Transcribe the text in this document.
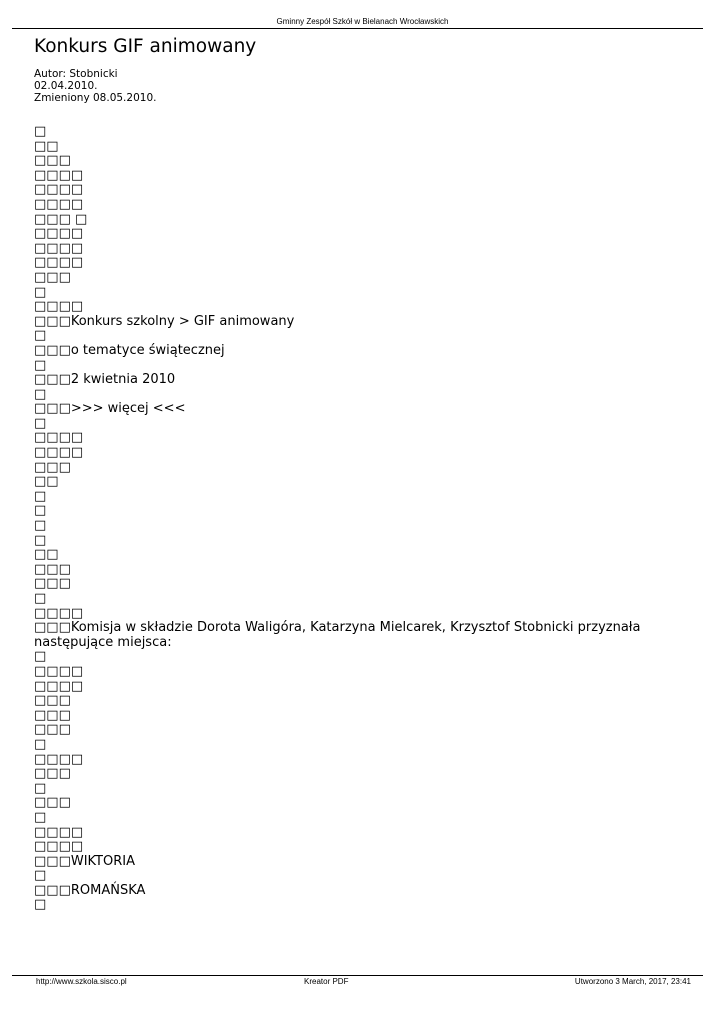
Gminny Zespół Szkół w Bielanach Wrocławskich
Konkurs GIF animowany

Autor: Stobnicki

02.04.2010.

Zmieniony 08.05.2010.

□

□□

□□□

□□□□

□□□□

□□□□

□□□ □

□□□□

□□□□

□□□□

□□□

□

□□□□

□□□Konkurs szkolny > GIF animowany

□

□□□o tematyce świątecznej

□

□□□2 kwietnia 2010

□

□□□>>> więcej <<<

□

□□□□

□□□□

□□□

□□

□

□

□

□

□□

□□□

□□□

□

□□□□

□□□Komisja w składzie Dorota Waligóra, Katarzyna Mielcarek, Krzysztof Stobnicki przyznała następujące miejsca:

□

□□□□

□□□□

□□□

□□□

□□□

□

□□□□

□□□

□

□□□

□

□□□□

□□□□

□□□WIKTORIA

□

□□□ROMAŃSKA

□

http://www.szkola.sisco.pl	Kreator PDF	Utworzono 3 March, 2017, 23:41
